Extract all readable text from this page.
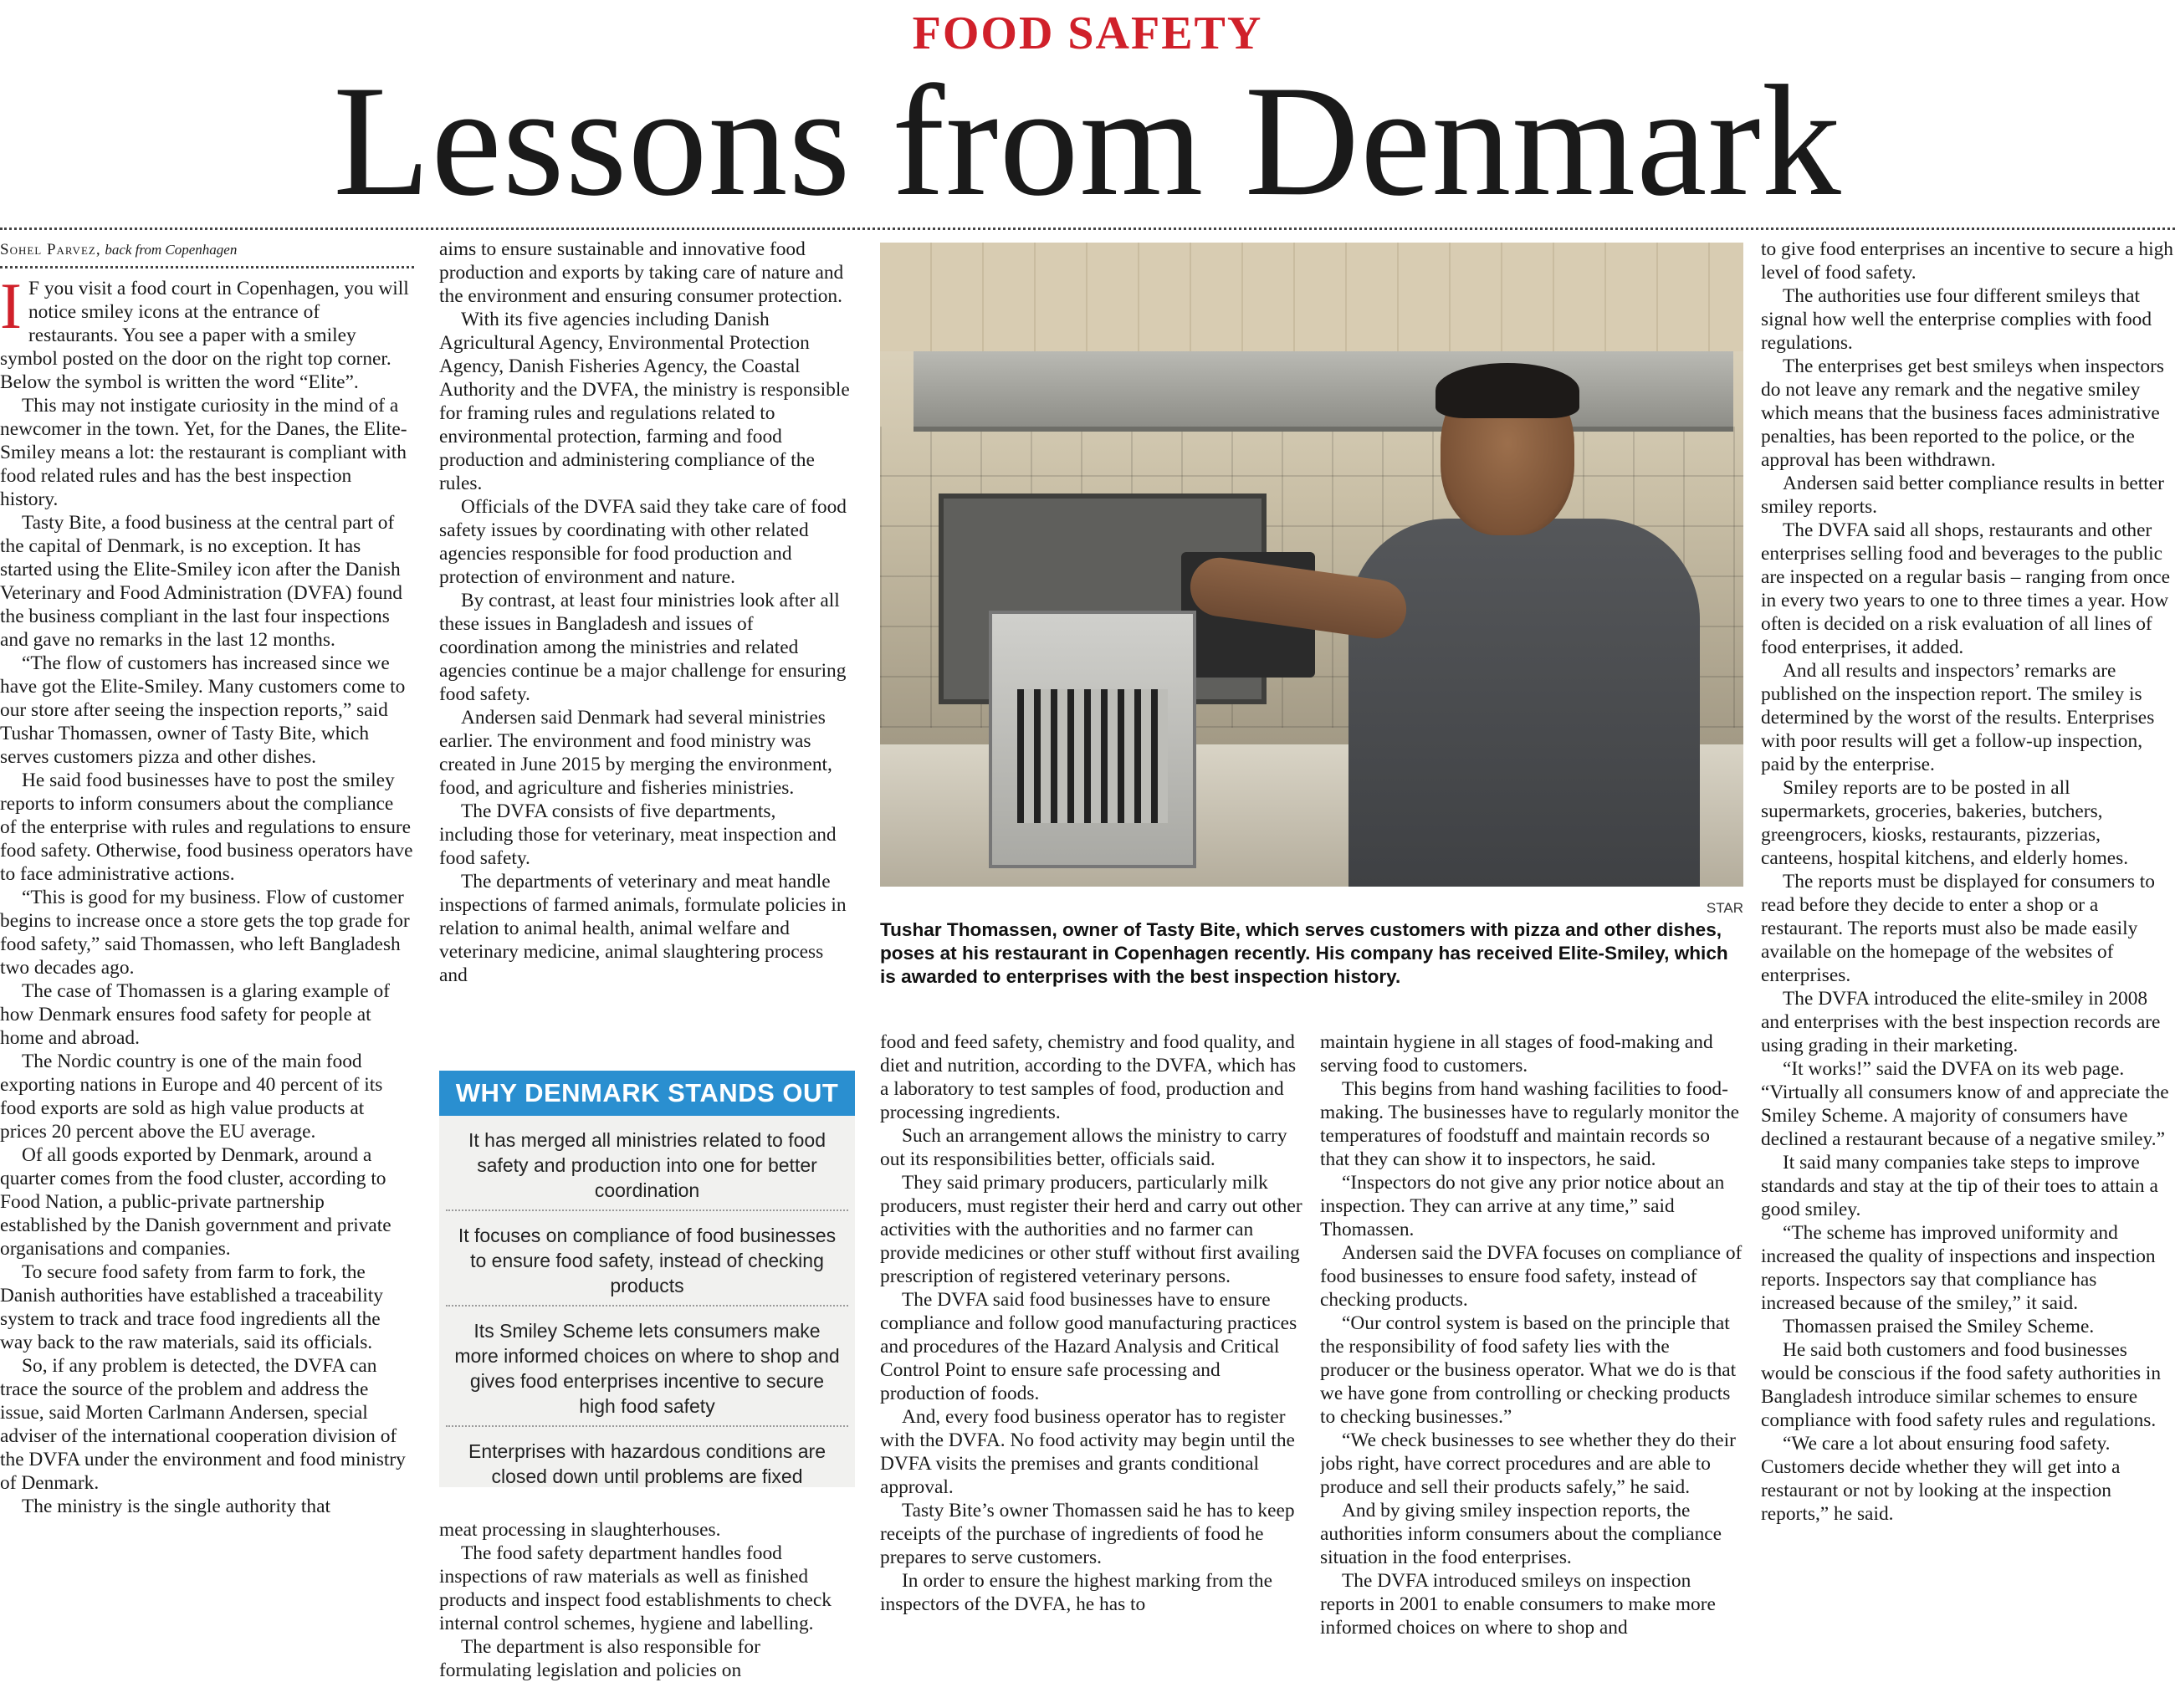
FOOD SAFETY
Lessons from Denmark
Sohel Parvez, back from Copenhagen

I F you visit a food court in Copenhagen, you will notice smiley icons at the entrance of restaurants. You see a paper with a smiley symbol posted on the door on the right top corner. Below the symbol is written the word “Elite”.

This may not instigate curiosity in the mind of a newcomer in the town. Yet, for the Danes, the Elite-Smiley means a lot: the restaurant is compliant with food related rules and has the best inspection history.

Tasty Bite, a food business at the central part of the capital of Denmark, is no exception. It has started using the Elite-Smiley icon after the Danish Veterinary and Food Administration (DVFA) found the business compliant in the last four inspections and gave no remarks in the last 12 months.

“The flow of customers has increased since we have got the Elite-Smiley. Many customers come to our store after seeing the inspection reports,” said Tushar Thomassen, owner of Tasty Bite, which serves customers pizza and other dishes.

He said food businesses have to post the smiley reports to inform consumers about the compliance of the enterprise with rules and regulations to ensure food safety. Otherwise, food business operators have to face administrative actions.

“This is good for my business. Flow of customer begins to increase once a store gets the top grade for food safety,” said Thomassen, who left Bangladesh two decades ago.

The case of Thomassen is a glaring example of how Denmark ensures food safety for people at home and abroad.

The Nordic country is one of the main food exporting nations in Europe and 40 percent of its food exports are sold as high value products at prices 20 percent above the EU average.

Of all goods exported by Denmark, around a quarter comes from the food cluster, according to Food Nation, a public-private partnership established by the Danish government and private organisations and companies.

To secure food safety from farm to fork, the Danish authorities have established a traceability system to track and trace food ingredients all the way back to the raw materials, said its officials.

So, if any problem is detected, the DVFA can trace the source of the problem and address the issue, said Morten Carlmann Andersen, special adviser of the international cooperation division of the DVFA under the environment and food ministry of Denmark.

The ministry is the single authority that

aims to ensure sustainable and innovative food production and exports by taking care of nature and the environment and ensuring consumer protection.

With its five agencies including Danish Agricultural Agency, Environmental Protection Agency, Danish Fisheries Agency, the Coastal Authority and the DVFA, the ministry is responsible for framing rules and regulations related to environmental protection, farming and food production and administering compliance of the rules.

Officials of the DVFA said they take care of food safety issues by coordinating with other related agencies responsible for food production and protection of environment and nature.

By contrast, at least four ministries look after all these issues in Bangladesh and issues of coordination among the ministries and related agencies continue be a major challenge for ensuring food safety.

Andersen said Denmark had several ministries earlier. The environment and food ministry was created in June 2015 by merging the environment, food, and agriculture and fisheries ministries.

The DVFA consists of five departments, including those for veterinary, meat inspection and food safety.

The departments of veterinary and meat handle inspections of farmed animals, formulate policies in relation to animal health, animal welfare and veterinary medicine, animal slaughtering process and

WHY DENMARK STANDS OUT
It has merged all ministries related to food safety and production into one for better coordination
It focuses on compliance of food businesses to ensure food safety, instead of checking products
Its Smiley Scheme lets consumers make more informed choices on where to shop and gives food enterprises incentive to secure high food safety
Enterprises with hazardous conditions are closed down until problems are fixed

meat processing in slaughterhouses.

The food safety department handles food inspections of raw materials as well as finished products and inspect food establishments to check internal control schemes, hygiene and labelling.

The department is also responsible for formulating legislation and policies on

STAR
Tushar Thomassen, owner of Tasty Bite, which serves customers with pizza and other dishes, poses at his restaurant in Copenhagen recently. His company has received Elite-Smiley, which is awarded to enterprises with the best inspection history.

food and feed safety, chemistry and food quality, and diet and nutrition, according to the DVFA, which has a laboratory to test samples of food, production and processing ingredients.

Such an arrangement allows the ministry to carry out its responsibilities better, officials said.

They said primary producers, particularly milk producers, must register their herd and carry out other activities with the authorities and no farmer can provide medicines or other stuff without first availing prescription of registered veterinary persons.

The DVFA said food businesses have to ensure compliance and follow good manufacturing practices and procedures of the Hazard Analysis and Critical Control Point to ensure safe processing and production of foods.

And, every food business operator has to register with the DVFA. No food activity may begin until the DVFA visits the premises and grants conditional approval.

Tasty Bite’s owner Thomassen said he has to keep receipts of the purchase of ingredients of food he prepares to serve customers.

In order to ensure the highest marking from the inspectors of the DVFA, he has to

maintain hygiene in all stages of food-making and serving food to customers.

This begins from hand washing facilities to food-making. The businesses have to regularly monitor the temperatures of foodstuff and maintain records so that they can show it to inspectors, he said.

“Inspectors do not give any prior notice about an inspection. They can arrive at any time,” said Thomassen.

Andersen said the DVFA focuses on compliance of food businesses to ensure food safety, instead of checking products.

“Our control system is based on the principle that the responsibility of food safety lies with the producer or the business operator. What we do is that we have gone from controlling or checking products to checking businesses.”

“We check businesses to see whether they do their jobs right, have correct procedures and are able to produce and sell their products safely,” he said.

And by giving smiley inspection reports, the authorities inform consumers about the compliance situation in the food enterprises.

The DVFA introduced smileys on inspection reports in 2001 to enable consumers to make more informed choices on where to shop and

to give food enterprises an incentive to secure a high level of food safety.

The authorities use four different smileys that signal how well the enterprise complies with food regulations.

The enterprises get best smileys when inspectors do not leave any remark and the negative smiley which means that the business faces administrative penalties, has been reported to the police, or the approval has been withdrawn.

Andersen said better compliance results in better smiley reports.

The DVFA said all shops, restaurants and other enterprises selling food and beverages to the public are inspected on a regular basis – ranging from once in every two years to one to three times a year. How often is decided on a risk evaluation of all lines of food enterprises, it added.

And all results and inspectors’ remarks are published on the inspection report. The smiley is determined by the worst of the results. Enterprises with poor results will get a follow-up inspection, paid by the enterprise.

Smiley reports are to be posted in all supermarkets, groceries, bakeries, butchers, greengrocers, kiosks, restaurants, pizzerias, canteens, hospital kitchens, and elderly homes.

The reports must be displayed for consumers to read before they decide to enter a shop or a restaurant. The reports must also be made easily available on the homepage of the websites of enterprises.

The DVFA introduced the elite-smiley in 2008 and enterprises with the best inspection records are using grading in their marketing.

“It works!” said the DVFA on its web page. “Virtually all consumers know of and appreciate the Smiley Scheme. A majority of consumers have declined a restaurant because of a negative smiley.”

It said many companies take steps to improve standards and stay at the tip of their toes to attain a good smiley.

“The scheme has improved uniformity and increased the quality of inspections and inspection reports. Inspectors say that compliance has increased because of the smiley,” it said.

Thomassen praised the Smiley Scheme.

He said both customers and food businesses would be conscious if the food safety authorities in Bangladesh introduce similar schemes to ensure compliance with food safety rules and regulations.

“We care a lot about ensuring food safety. Customers decide whether they will get into a restaurant or not by looking at the inspection reports,” he said.
